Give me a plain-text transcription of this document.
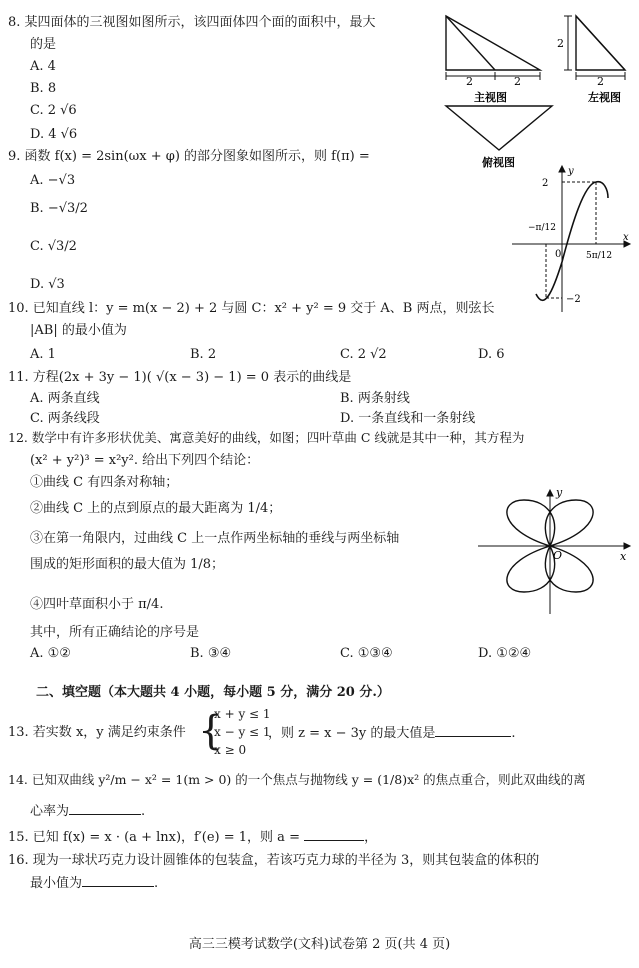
8. 某四面体的三视图如图所示，该四面体四个面的面积中，最大
的是
A. 4
B. 8
C. 2 √6
D. 4 √6
2	2
主视图
2
2
左视图
俯视图
9. 函数 f(x) = 2sin(ωx + φ) 的部分图象如图所示，则 f(π) =
A. −√3
B. −√3/2
C. √3/2
D. √3
y
x
2
−2
0
−π/12
5π/12
10. 已知直线 l：y = m(x − 2) + 2 与圆 C：x² + y² = 9 交于 A、B 两点，则弦长
|AB| 的最小值为
A. 1	B. 2	C. 2 √2	D. 6
11. 方程(2x + 3y − 1)( √(x − 3) − 1) = 0 表示的曲线是
A. 两条直线	B. 两条射线
C. 两条线段	D. 一条直线和一条射线
12. 数学中有许多形状优美、寓意美好的曲线，如图；四叶草曲 C 线就是其中一种，其方程为
(x² + y²)³ = x²y². 给出下列四个结论：
①曲线 C 有四条对称轴；
②曲线 C 上的点到原点的最大距离为 1/4；
③在第一角限内，过曲线 C 上一点作两坐标轴的垂线与两坐标轴
围成的矩形面积的最大值为 1/8；
④四叶草面积小于 π/4.
其中，所有正确结论的序号是
A. ①②	B. ③④	C. ①③④	D. ①②④
y
x
O
二、填空题（本大题共 4 小题，每小题 5 分，满分 20 分.）
13. 若实数 x，y 满足约束条件 {
x + y ≤ 1
x − y ≤ 1
x ≥ 0
，则 z = x − 3y 的最大值是	.
14. 已知双曲线 y²/m − x² = 1(m > 0) 的一个焦点与抛物线 y = (1/8)x² 的焦点重合，则此双曲线的离
心率为	.
15. 已知 f(x) = x · (a + lnx)，f′(e) = 1，则 a =	，
16. 现为一球状巧克力设计圆锥体的包装盒，若该巧克力球的半径为 3，则其包装盒的体积的
最小值为	.
高三三模考试数学(文科)试卷第 2 页(共 4 页)
